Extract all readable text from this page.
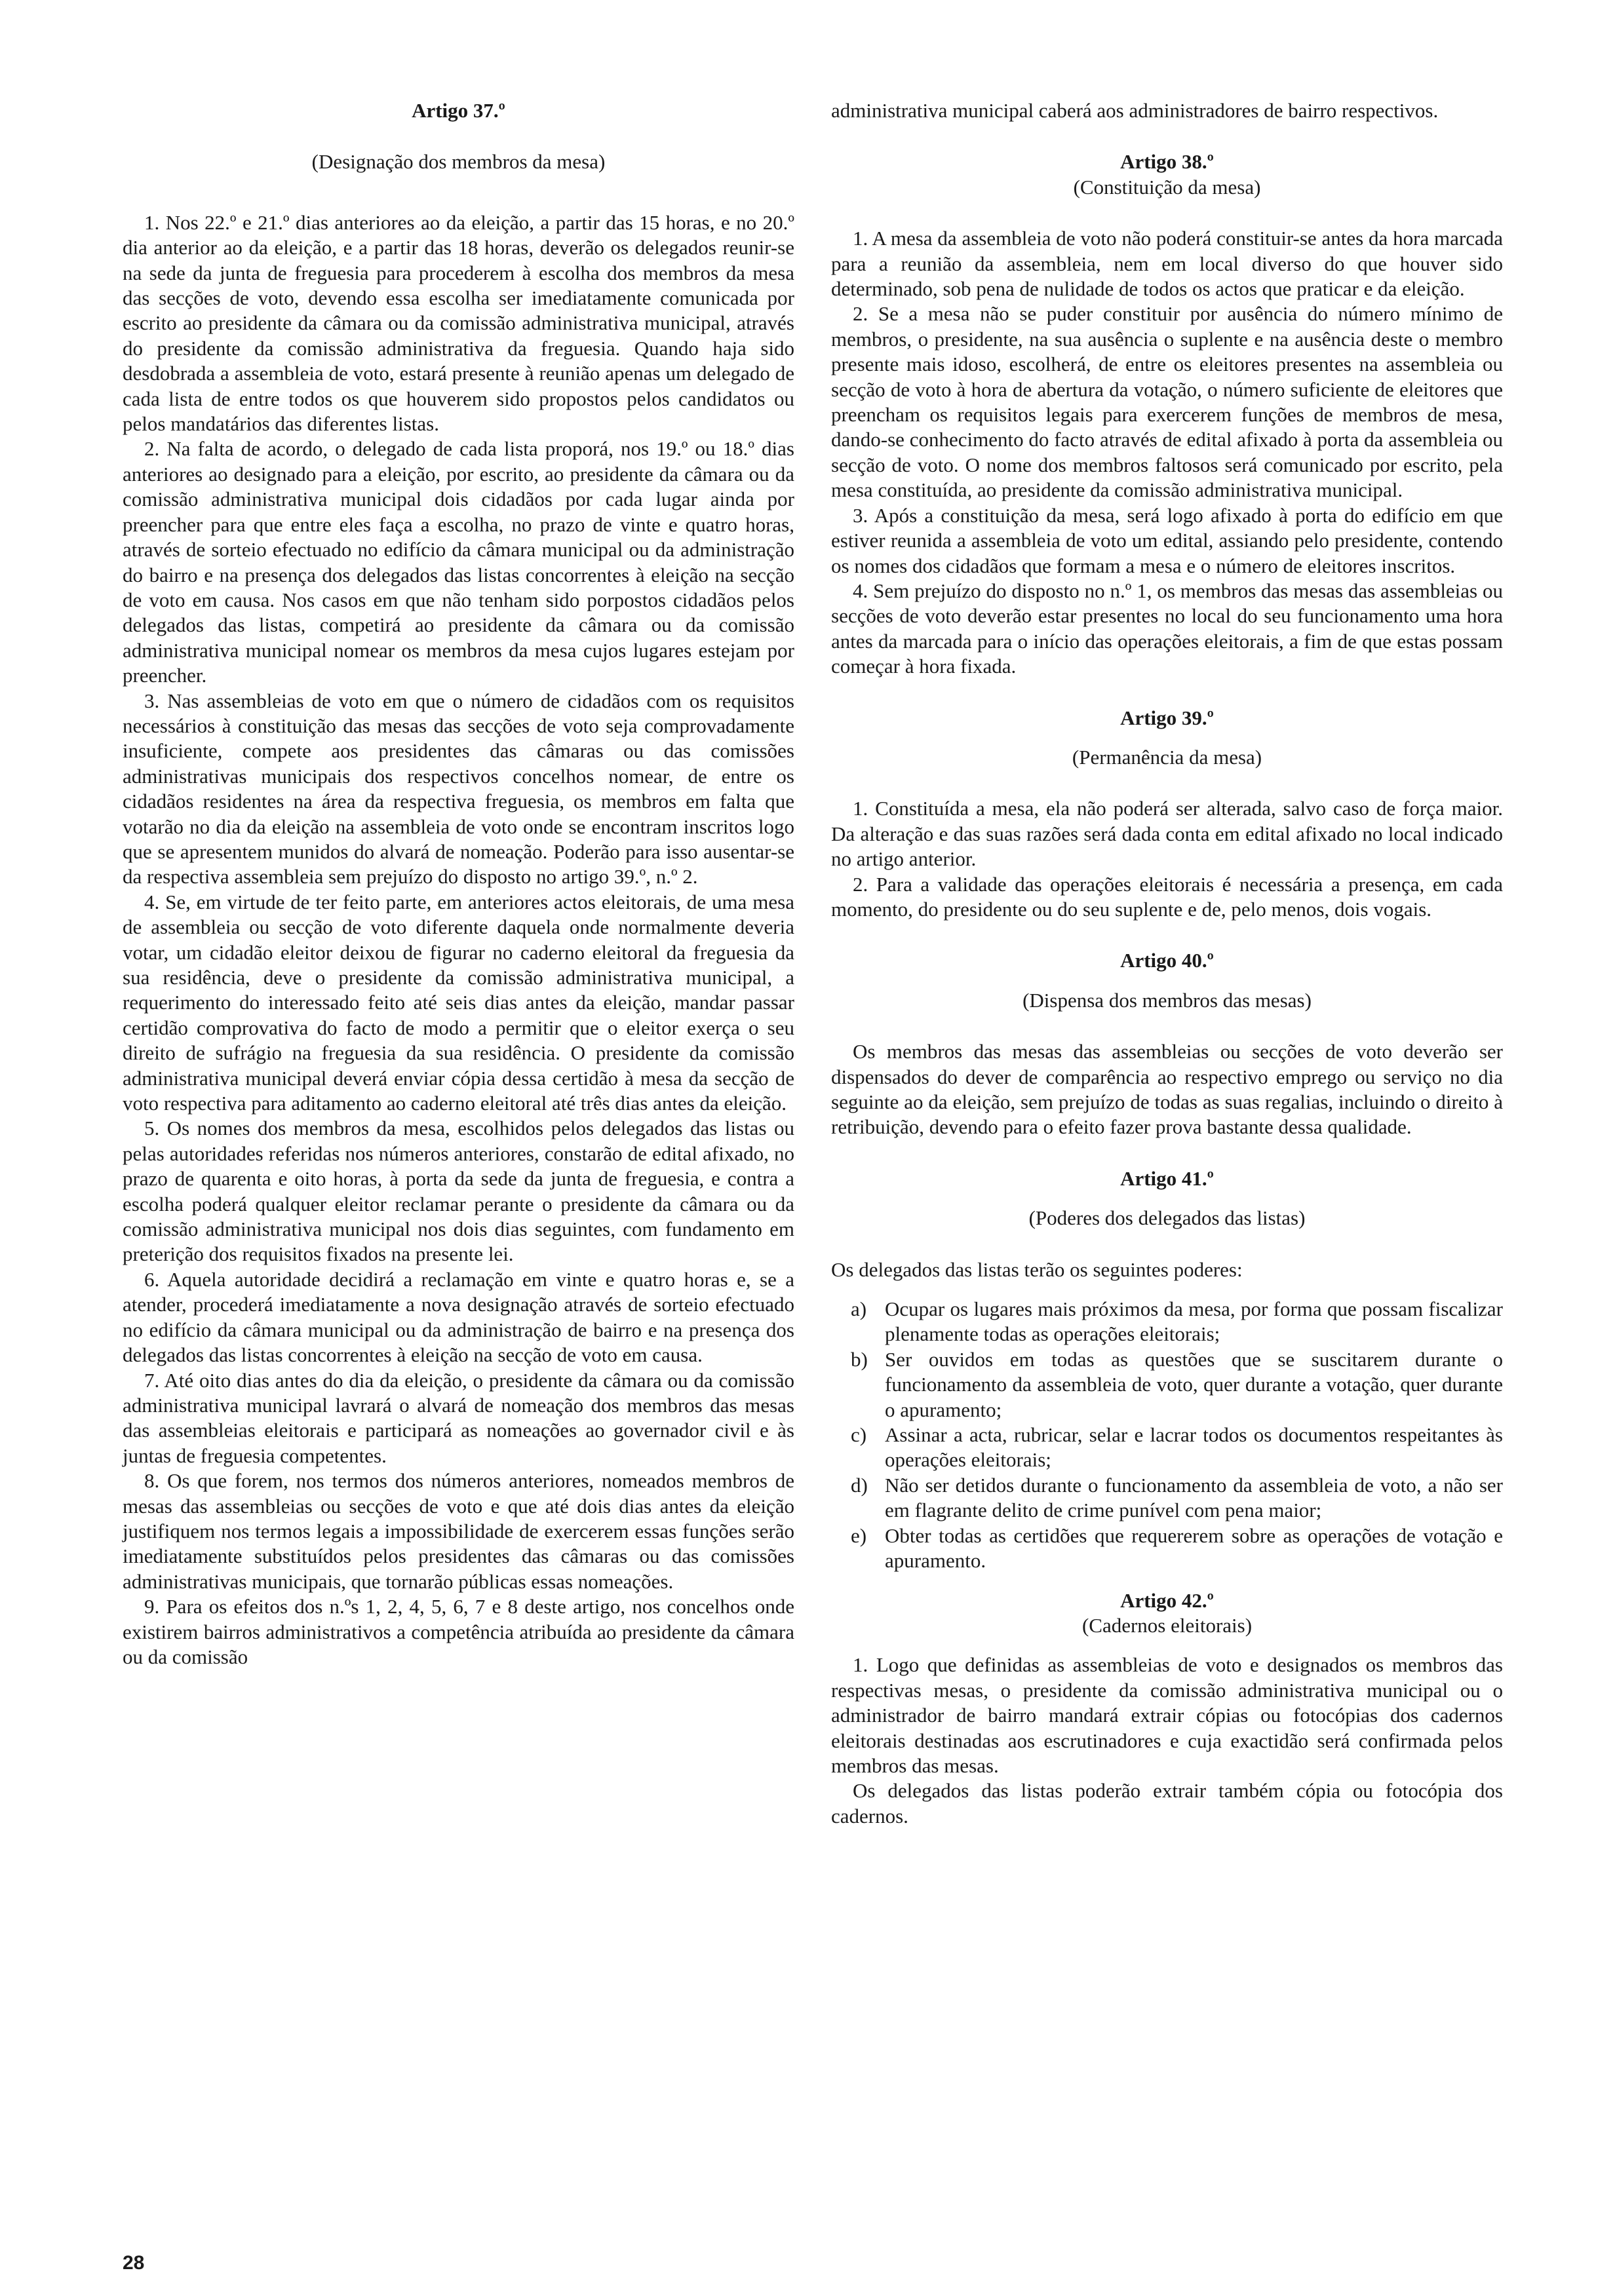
Artigo 37.º
(Designação dos membros da mesa)

1. Nos 22.º e 21.º dias anteriores ao da eleição, a partir das 15 horas, e no 20.º dia anterior ao da eleição, e a partir das 18 horas, deverão os delegados reunir-se na sede da junta de freguesia para procederem à escolha dos membros da mesa das secções de voto, devendo essa escolha ser imediatamente comunicada por escrito ao presidente da câmara ou da comissão administrativa municipal, através do presidente da comissão administrativa da freguesia. Quando haja sido desdobrada a assembleia de voto, estará presente à reunião apenas um delegado de cada lista de entre todos os que houverem sido propostos pelos candidatos ou pelos mandatários das diferentes listas.

2. Na falta de acordo, o delegado de cada lista proporá, nos 19.º ou 18.º dias anteriores ao designado para a eleição, por escrito, ao presidente da câmara ou da comissão administrativa municipal dois cidadãos por cada lugar ainda por preencher para que entre eles faça a escolha, no prazo de vinte e quatro horas, através de sorteio efectuado no edifício da câmara municipal ou da administração do bairro e na presença dos delegados das listas concorrentes à eleição na secção de voto em causa. Nos casos em que não tenham sido porpostos cidadãos pelos delegados das listas, competirá ao presidente da câmara ou da comissão administrativa municipal nomear os membros da mesa cujos lugares estejam por preencher.

3. Nas assembleias de voto em que o número de cidadãos com os requisitos necessários à constituição das mesas das secções de voto seja comprovadamente insuficiente, compete aos presidentes das câmaras ou das comissões administrativas municipais dos respectivos concelhos nomear, de entre os cidadãos residentes na área da respectiva freguesia, os membros em falta que votarão no dia da eleição na assembleia de voto onde se encontram inscritos logo que se apresentem munidos do alvará de nomeação. Poderão para isso ausentar-se da respectiva assembleia sem prejuízo do disposto no artigo 39.º, n.º 2.

4. Se, em virtude de ter feito parte, em anteriores actos eleitorais, de uma mesa de assembleia ou secção de voto diferente daquela onde normalmente deveria votar, um cidadão eleitor deixou de figurar no caderno eleitoral da freguesia da sua residência, deve o presidente da comissão administrativa municipal, a requerimento do interessado feito até seis dias antes da eleição, mandar passar certidão comprovativa do facto de modo a permitir que o eleitor exerça o seu direito de sufrágio na freguesia da sua residência. O presidente da comissão administrativa municipal deverá enviar cópia dessa certidão à mesa da secção de voto respectiva para aditamento ao caderno eleitoral até três dias antes da eleição.

5. Os nomes dos membros da mesa, escolhidos pelos delegados das listas ou pelas autoridades referidas nos números anteriores, constarão de edital afixado, no prazo de quarenta e oito horas, à porta da sede da junta de freguesia, e contra a escolha poderá qualquer eleitor reclamar perante o presidente da câmara ou da comissão administrativa municipal nos dois dias seguintes, com fundamento em preterição dos requisitos fixados na presente lei.

6. Aquela autoridade decidirá a reclamação em vinte e quatro horas e, se a atender, procederá imediatamente a nova designação através de sorteio efectuado no edifício da câmara municipal ou da administração de bairro e na presença dos delegados das listas concorrentes à eleição na secção de voto em causa.

7. Até oito dias antes do dia da eleição, o presidente da câmara ou da comissão administrativa municipal lavrará o alvará de nomeação dos membros das mesas das assembleias eleitorais e participará as nomeações ao governador civil e às juntas de freguesia competentes.

8. Os que forem, nos termos dos números anteriores, nomeados membros de mesas das assembleias ou secções de voto e que até dois dias antes da eleição justifiquem nos termos legais a impossibilidade de exercerem essas funções serão imediatamente substituídos pelos presidentes das câmaras ou das comissões administrativas municipais, que tornarão públicas essas nomeações.

9. Para os efeitos dos n.ºs 1, 2, 4, 5, 6, 7 e 8 deste artigo, nos concelhos onde existirem bairros administrativos a competência atribuída ao presidente da câmara ou da comissão

administrativa municipal caberá aos administradores de bairro respectivos.

Artigo 38.º
(Constituição da mesa)

1. A mesa da assembleia de voto não poderá constituir-se antes da hora marcada para a reunião da assembleia, nem em local diverso do que houver sido determinado, sob pena de nulidade de todos os actos que praticar e da eleição.

2. Se a mesa não se puder constituir por ausência do número mínimo de membros, o presidente, na sua ausência o suplente e na ausência deste o membro presente mais idoso, escolherá, de entre os eleitores presentes na assembleia ou secção de voto à hora de abertura da votação, o número suficiente de eleitores que preencham os requisitos legais para exercerem funções de membros de mesa, dando-se conhecimento do facto através de edital afixado à porta da assembleia ou secção de voto. O nome dos membros faltosos será comunicado por escrito, pela mesa constituída, ao presidente da comissão administrativa municipal.

3. Após a constituição da mesa, será logo afixado à porta do edifício em que estiver reunida a assembleia de voto um edital, assiando pelo presidente, contendo os nomes dos cidadãos que formam a mesa e o número de eleitores inscritos.

4. Sem prejuízo do disposto no n.º 1, os membros das mesas das assembleias ou secções de voto deverão estar presentes no local do seu funcionamento uma hora antes da marcada para o início das operações eleitorais, a fim de que estas possam começar à hora fixada.

Artigo 39.º
(Permanência da mesa)

1. Constituída a mesa, ela não poderá ser alterada, salvo caso de força maior. Da alteração e das suas razões será dada conta em edital afixado no local indicado no artigo anterior.

2. Para a validade das operações eleitorais é necessária a presença, em cada momento, do presidente ou do seu suplente e de, pelo menos, dois vogais.

Artigo 40.º
(Dispensa dos membros das mesas)

Os membros das mesas das assembleias ou secções de voto deverão ser dispensados do dever de comparência ao respectivo emprego ou serviço no dia seguinte ao da eleição, sem prejuízo de todas as suas regalias, incluindo o direito à retribuição, devendo para o efeito fazer prova bastante dessa qualidade.

Artigo 41.º
(Poderes dos delegados das listas)

Os delegados das listas terão os seguintes poderes:

a) Ocupar os lugares mais próximos da mesa, por forma que possam fiscalizar plenamente todas as operações eleitorais;
b) Ser ouvidos em todas as questões que se suscitarem durante o funcionamento da assembleia de voto, quer durante a votação, quer durante o apuramento;
c) Assinar a acta, rubricar, selar e lacrar todos os documentos respeitantes às operações eleitorais;
d) Não ser detidos durante o funcionamento da assembleia de voto, a não ser em flagrante delito de crime punível com pena maior;
e) Obter todas as certidões que requererem sobre as operações de votação e apuramento.
Artigo 42.º
(Cadernos eleitorais)

1. Logo que definidas as assembleias de voto e designados os membros das respectivas mesas, o presidente da comissão administrativa municipal ou o administrador de bairro mandará extrair cópias ou fotocópias dos cadernos eleitorais destinadas aos escrutinadores e cuja exactidão será confirmada pelos membros das mesas.

Os delegados das listas poderão extrair também cópia ou fotocópia dos cadernos.

28
